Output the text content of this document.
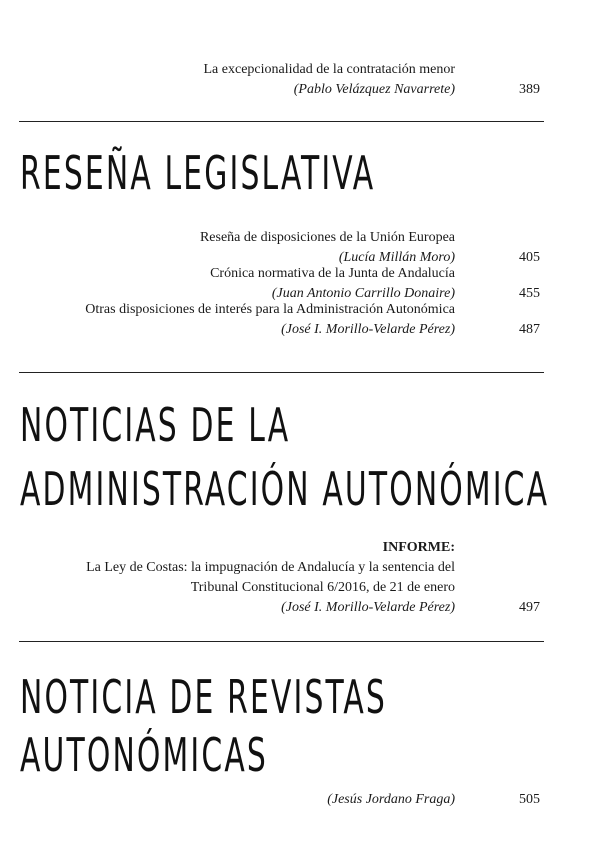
La excepcionalidad de la contratación menor
(Pablo Velázquez Navarrete)	389
RESEÑA LEGISLATIVA
Reseña de disposiciones de la Unión Europea
(Lucía Millán Moro)	405
Crónica normativa de la Junta de Andalucía
(Juan Antonio Carrillo Donaire)	455
Otras disposiciones de interés para la Administración Autonómica
(José I. Morillo-Velarde Pérez)	487
NOTICIAS DE LA
ADMINISTRACIÓN AUTONÓMICA
INFORME:
La Ley de Costas: la impugnación de Andalucía y la sentencia del
Tribunal Constitucional 6/2016, de 21 de enero
(José I. Morillo-Velarde Pérez)	497
NOTICIA DE REVISTAS
AUTONÓMICAS
(Jesús Jordano Fraga)	505
